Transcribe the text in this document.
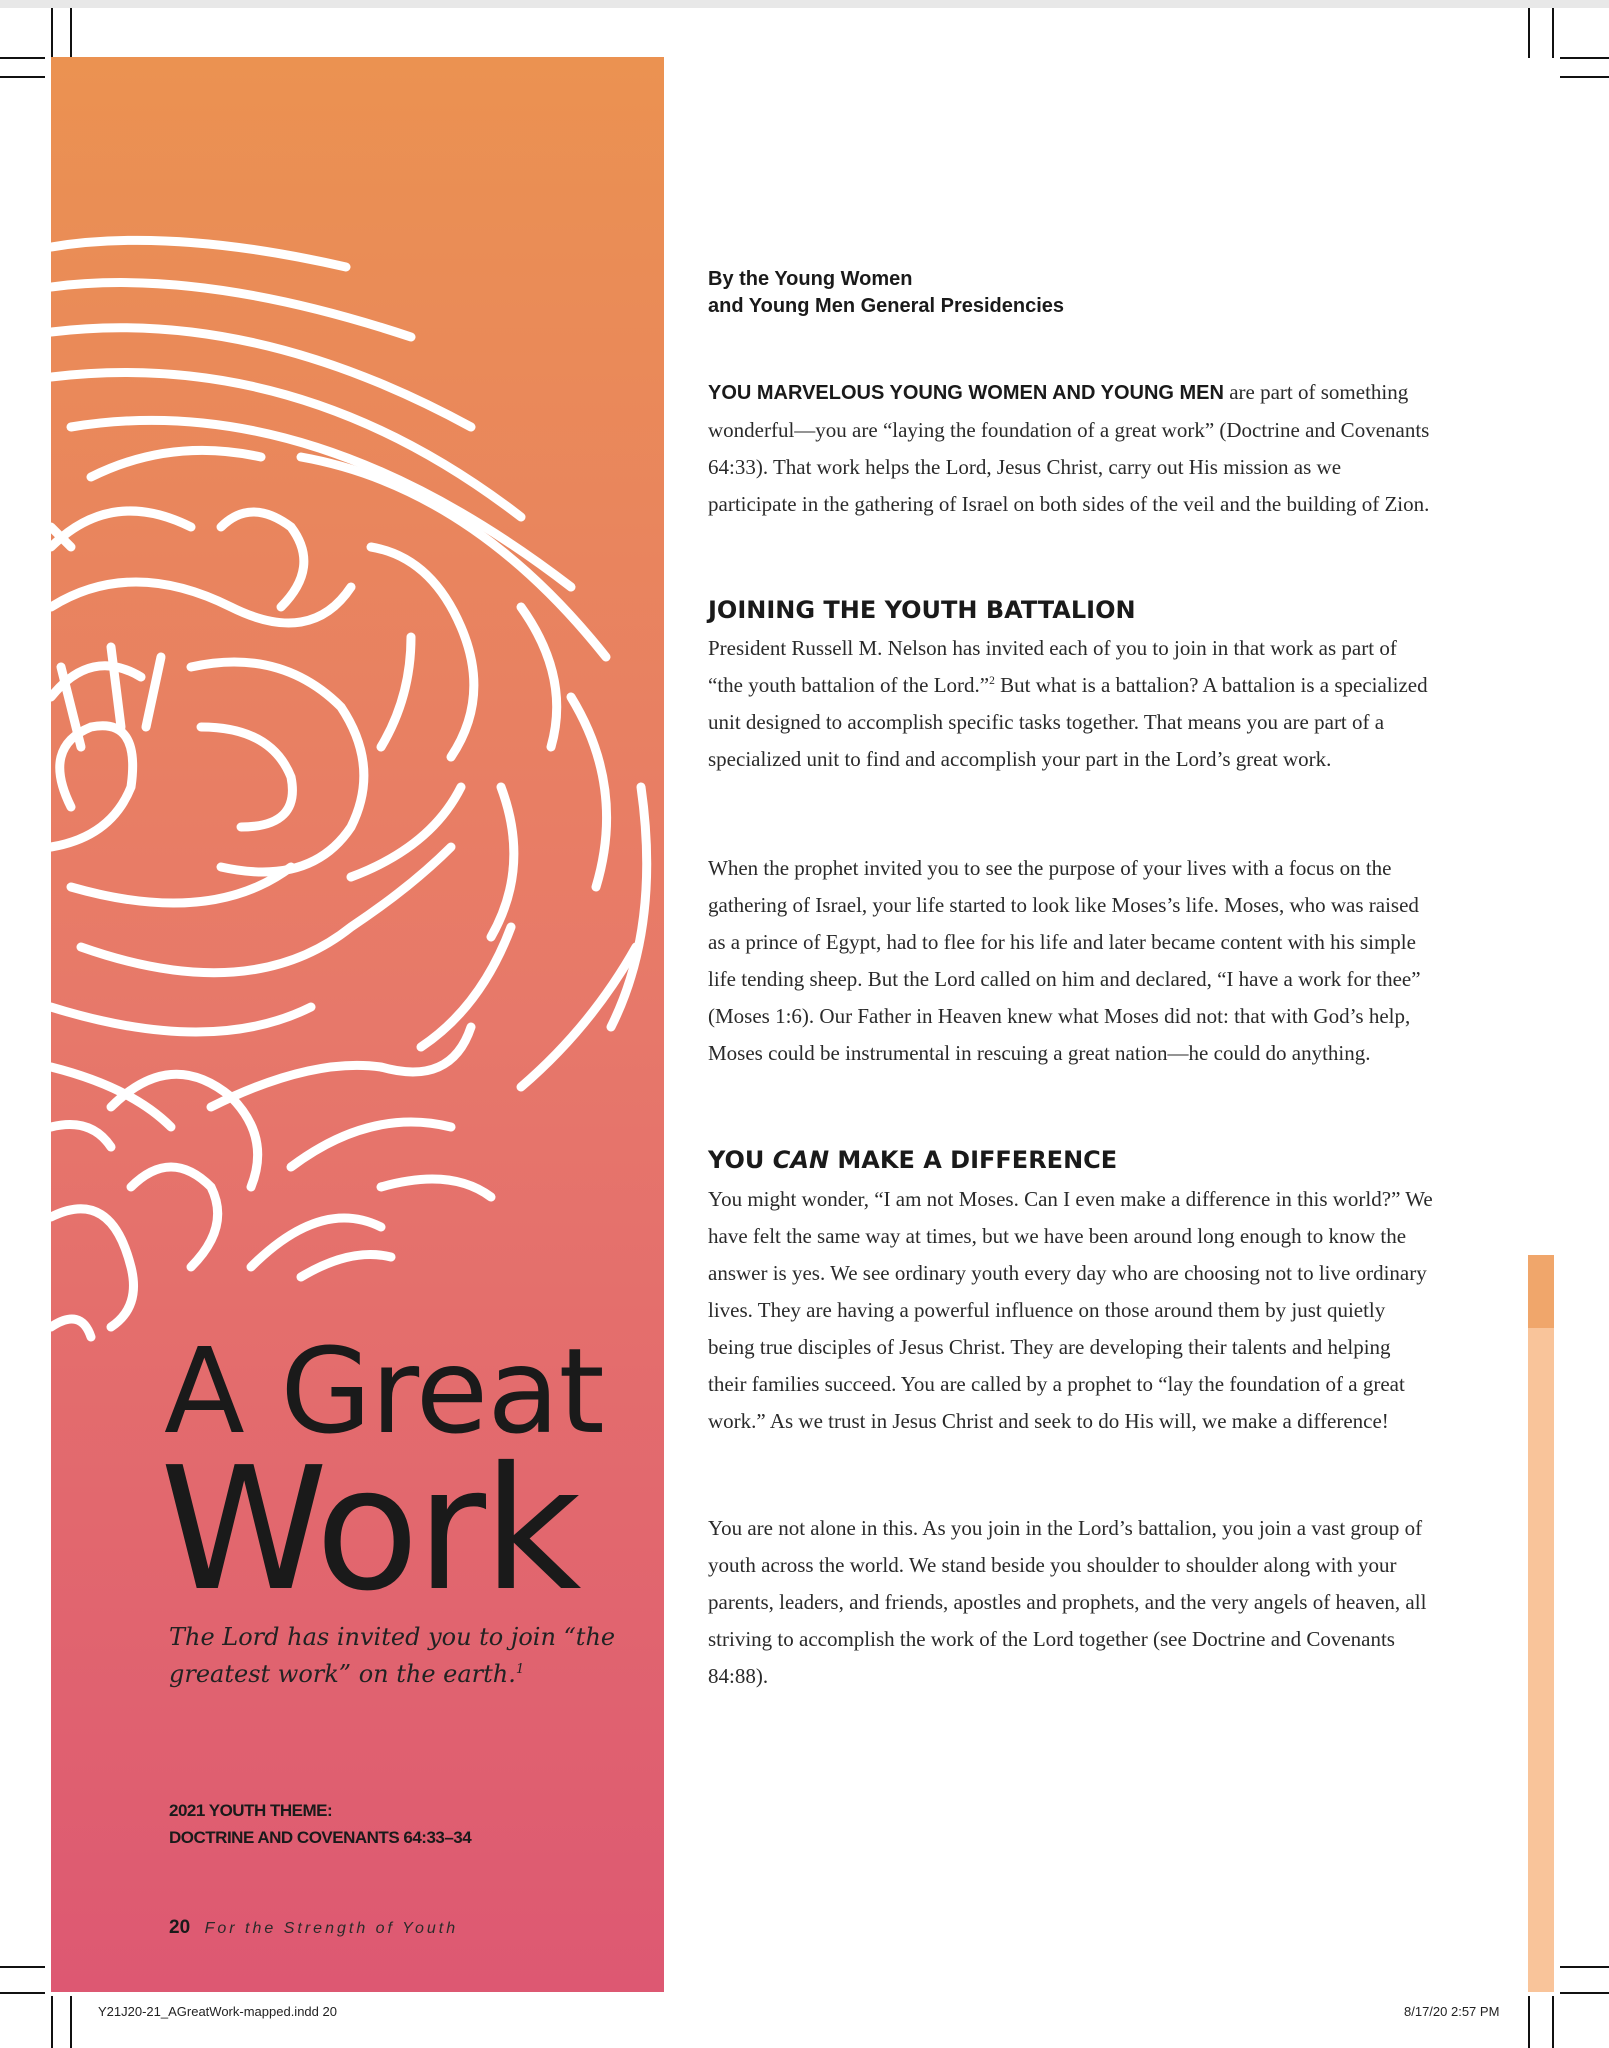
A Great
Work
The Lord has invited you to join “the greatest work” on the earth.$^1$
2021 YOUTH THEME:
DOCTRINE AND COVENANTS 64:33–34
20 For the Strength of Youth
By the Young Women
and Young Men General Presidencies

YOU MARVELOUS YOUNG WOMEN AND YOUNG MEN are part of something wonderful—you are “laying the foundation of a great work” (Doctrine and Covenants 64:33). That work helps the Lord, Jesus Christ, carry out His mission as we participate in the gathering of Israel on both sides of the veil and the building of Zion.

JOINING THE YOUTH BATTALION

President Russell M. Nelson has invited each of you to join in that work as part of “the youth battalion of the Lord.”$^2$ But what is a battalion? A battalion is a specialized unit designed to accomplish specific tasks together. That means you are part of a specialized unit to find and accomplish your part in the Lord’s great work.

When the prophet invited you to see the purpose of your lives with a focus on the gathering of Israel, your life started to look like Moses’s life. Moses, who was raised as a prince of Egypt, had to flee for his life and later became content with his simple life tending sheep. But the Lord called on him and declared, “I have a work for thee” (Moses 1:6). Our Father in Heaven knew what Moses did not: that with God’s help, Moses could be instrumental in rescuing a great nation—he could do anything.

YOU CAN MAKE A DIFFERENCE

You might wonder, “I am not Moses. Can I even make a difference in this world?” We have felt the same way at times, but we have been around long enough to know the answer is yes. We see ordinary youth every day who are choosing not to live ordinary lives. They are having a powerful influence on those around them by just quietly being true disciples of Jesus Christ. They are developing their talents and helping their families succeed. You are called by a prophet to “lay the foundation of a great work.” As we trust in Jesus Christ and seek to do His will, we make a difference!

You are not alone in this. As you join in the Lord’s battalion, you join a vast group of youth across the world. We stand beside you shoulder to shoulder along with your parents, leaders, and friends, apostles and prophets, and the very angels of heaven, all striving to accomplish the work of the Lord together (see Doctrine and Covenants 84:88).

Y21J20-21_AGreatWork-mapped.indd 20	8/17/20 2:57 PM
